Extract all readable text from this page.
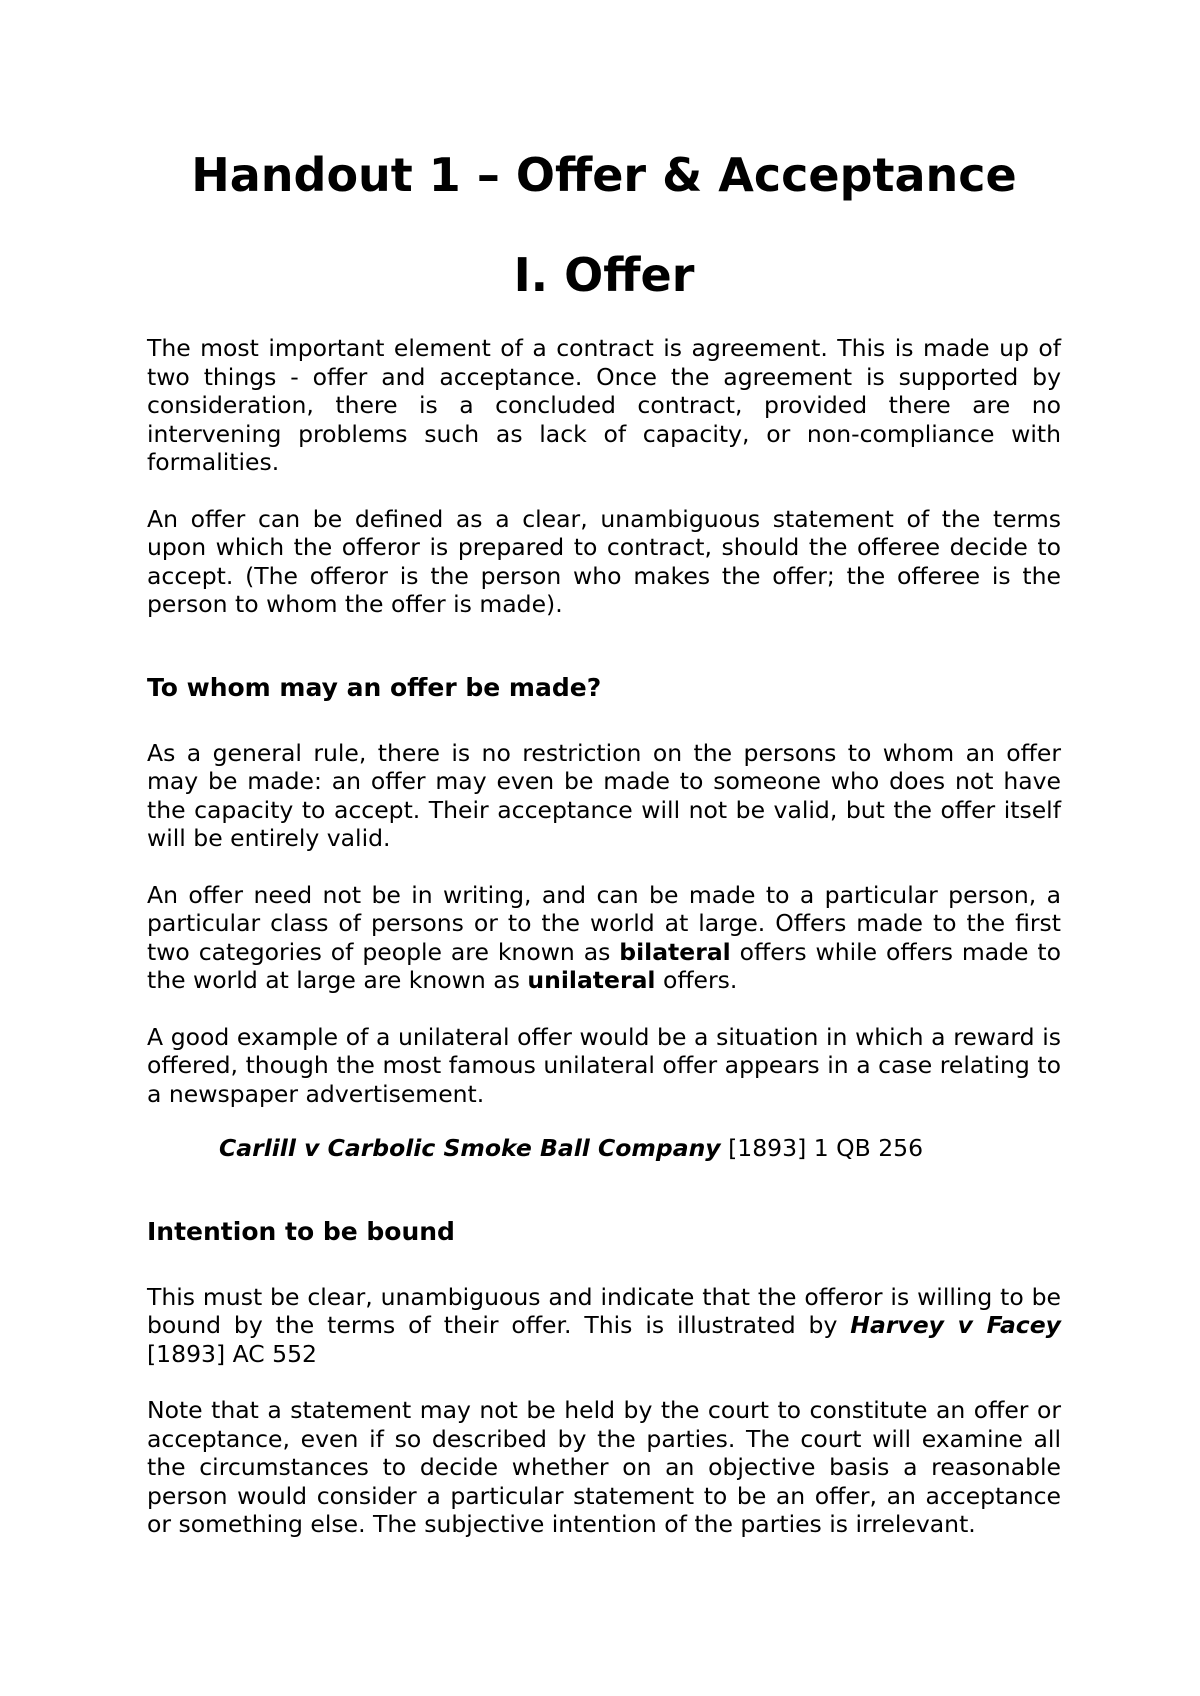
Handout 1 – Offer & Acceptance
I. Offer

The most important element of a contract is agreement. This is made up of two things - offer and acceptance. Once the agreement is supported by consideration, there is a concluded contract, provided there are no intervening problems such as lack of capacity, or non-compliance with formalities.

An offer can be defined as a clear, unambiguous statement of the terms upon which the offeror is prepared to contract, should the offeree decide to accept. (The offeror is the person who makes the offer; the offeree is the person to whom the offer is made).

To whom may an offer be made?

As a general rule, there is no restriction on the persons to whom an offer may be made: an offer may even be made to someone who does not have the capacity to accept. Their acceptance will not be valid, but the offer itself will be entirely valid.

An offer need not be in writing, and can be made to a particular person, a particular class of persons or to the world at large. Offers made to the first two categories of people are known as bilateral offers while offers made to the world at large are known as unilateral offers.

A good example of a unilateral offer would be a situation in which a reward is offered, though the most famous unilateral offer appears in a case relating to a newspaper advertisement.

Carlill v Carbolic Smoke Ball Company [1893] 1 QB 256

Intention to be bound

This must be clear, unambiguous and indicate that the offeror is willing to be bound by the terms of their offer. This is illustrated by Harvey v Facey [1893] AC 552

Note that a statement may not be held by the court to constitute an offer or acceptance, even if so described by the parties. The court will examine all the circumstances to decide whether on an objective basis a reasonable person would consider a particular statement to be an offer, an acceptance or something else. The subjective intention of the parties is irrelevant.
